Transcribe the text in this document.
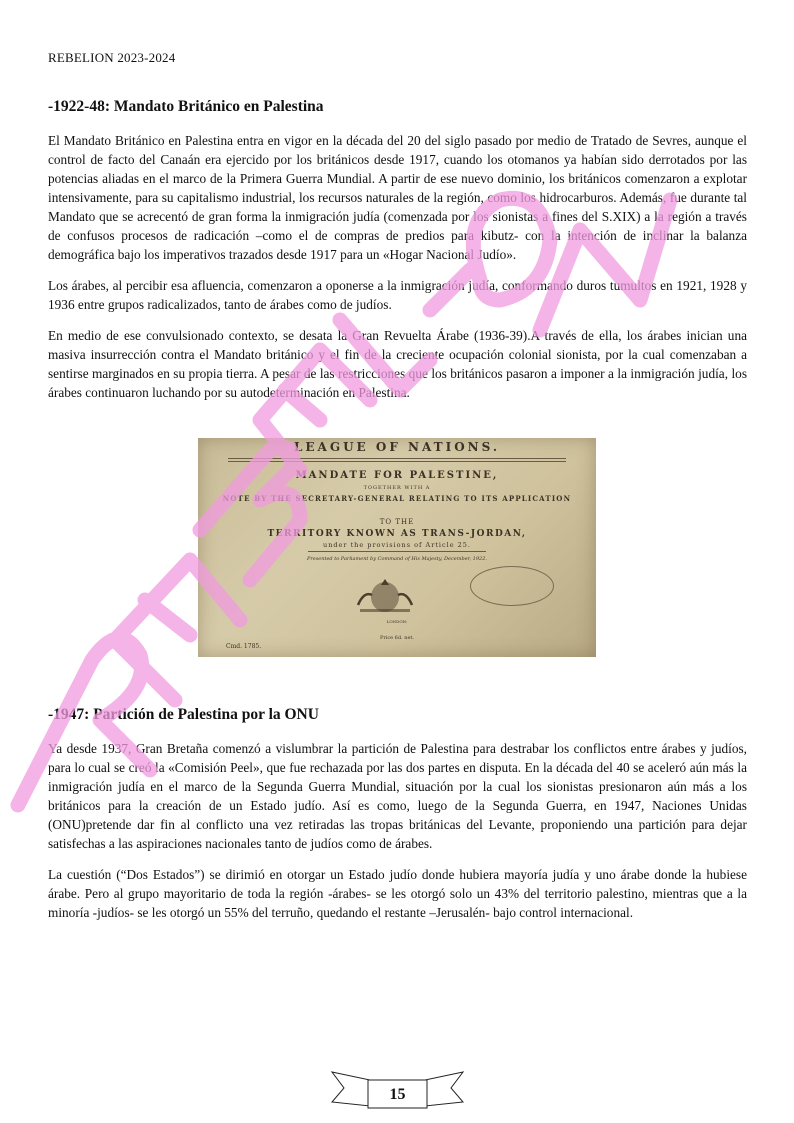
REBELION 2023-2024
-1922-48: Mandato Británico en Palestina

El Mandato Británico en Palestina entra en vigor en la década del 20 del siglo pasado por medio de Tratado de Sevres, aunque el control de facto del Canaán era ejercido por los británicos desde 1917, cuando los otomanos ya habían sido derrotados por las potencias aliadas en el marco de la Primera Guerra Mundial. A partir de ese nuevo dominio, los británicos comenzaron a explotar intensivamente, para su capitalismo industrial, los recursos naturales de la región, como los hidrocarburos. Además, fue durante tal Mandato que se acrecentó de gran forma la inmigración judía (comenzada por los sionistas a fines del S.XIX) a la región a través de confusos procesos de radicación –como el de compras de predios para kibutz- con la intención de inclinar la balanza demográfica bajo los imperativos trazados desde 1917 para un «Hogar Nacional Judío».

Los árabes, al percibir esa afluencia, comenzaron a oponerse a la inmigración judía, conformando duros tumultos en 1921, 1928 y 1936 entre grupos radicalizados, tanto de árabes como de judíos.

En medio de ese convulsionado contexto, se desata la Gran Revuelta Árabe (1936-39).A través de ella, los árabes inician una masiva insurrección contra el Mandato británico y el fin de la creciente ocupación colonial sionista, por la cual comenzaban a sentirse marginados en su propia tierra. A pesar de las restricciones que los británicos pasaron a imponer a la inmigración judía, los árabes continuaron luchando por su autodeterminación en Palestina.

LEAGUE OF NATIONS.
MANDATE FOR PALESTINE,
TOGETHER WITH A
NOTE BY THE SECRETARY-GENERAL RELATING TO ITS APPLICATION
TO THE
TERRITORY KNOWN AS TRANS-JORDAN,
under the provisions of Article 25.
Presented to Parliament by Command of His Majesty, December, 1922.
LONDON:
Price 6d. net.
Cmd. 1785.
-1947: Partición de Palestina por la ONU

Ya desde 1937, Gran Bretaña comenzó a vislumbrar la partición de Palestina para destrabar los conflictos entre árabes y judíos, para lo cual se creó la «Comisión Peel», que fue rechazada por las dos partes en disputa. En la década del 40 se aceleró aún más la inmigración judía en el marco de la Segunda Guerra Mundial, situación por la cual los sionistas presionaron aún más a los británicos para la creación de un Estado judío. Así es como, luego de la Segunda Guerra, en 1947, Naciones Unidas (ONU)pretende dar fin al conflicto una vez retiradas las tropas británicas del Levante, proponiendo una partición para dejar satisfechas a las aspiraciones nacionales tanto de judíos como de árabes.

La cuestión (“Dos Estados”) se dirimió en otorgar un Estado judío donde hubiera mayoría judía y uno árabe donde la hubiese árabe. Pero al grupo mayoritario de toda la región -árabes- se les otorgó solo un 43% del territorio palestino, mientras que a la minoría -judíos- se les otorgó un 55% del terruño, quedando el restante –Jerusalén- bajo control internacional.

15
